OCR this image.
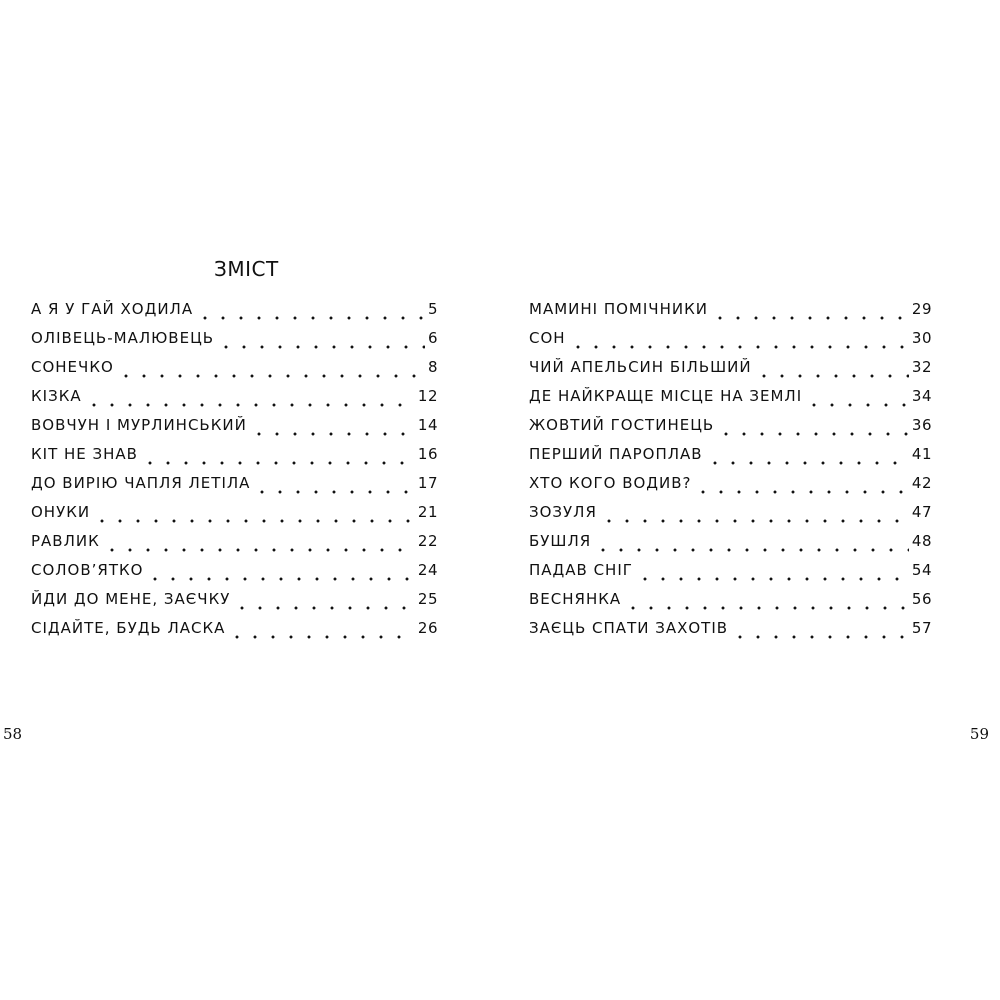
ЗМІСТ
А Я У ГАЙ ХОДИЛА	5
ОЛІВЕЦЬ-МАЛЮВЕЦЬ	6
СОНЕЧКО	8
КІЗКА	12
ВОВЧУН І МУРЛИНСЬКИЙ	14
КІТ НЕ ЗНАВ	16
ДО ВИРІЮ ЧАПЛЯ ЛЕТІЛА	17
ОНУКИ	21
РАВЛИК	22
СОЛОВ’ЯТКО	24
ЙДИ ДО МЕНЕ, ЗАЄЧКУ	25
СІДАЙТЕ, БУДЬ ЛАСКА	26
МАМИНІ ПОМІЧНИКИ	29
СОН	30
ЧИЙ АПЕЛЬСИН БІЛЬШИЙ	32
ДЕ НАЙКРАЩЕ МІСЦЕ НА ЗЕМЛІ	34
ЖОВТИЙ ГОСТИНЕЦЬ	36
ПЕРШИЙ ПАРОПЛАВ	41
ХТО КОГО ВОДИВ?	42
ЗОЗУЛЯ	47
БУШЛЯ	48
ПАДАВ СНІГ	54
ВЕСНЯНКА	56
ЗАЄЦЬ СПАТИ ЗАХОТІВ	57
58	59
